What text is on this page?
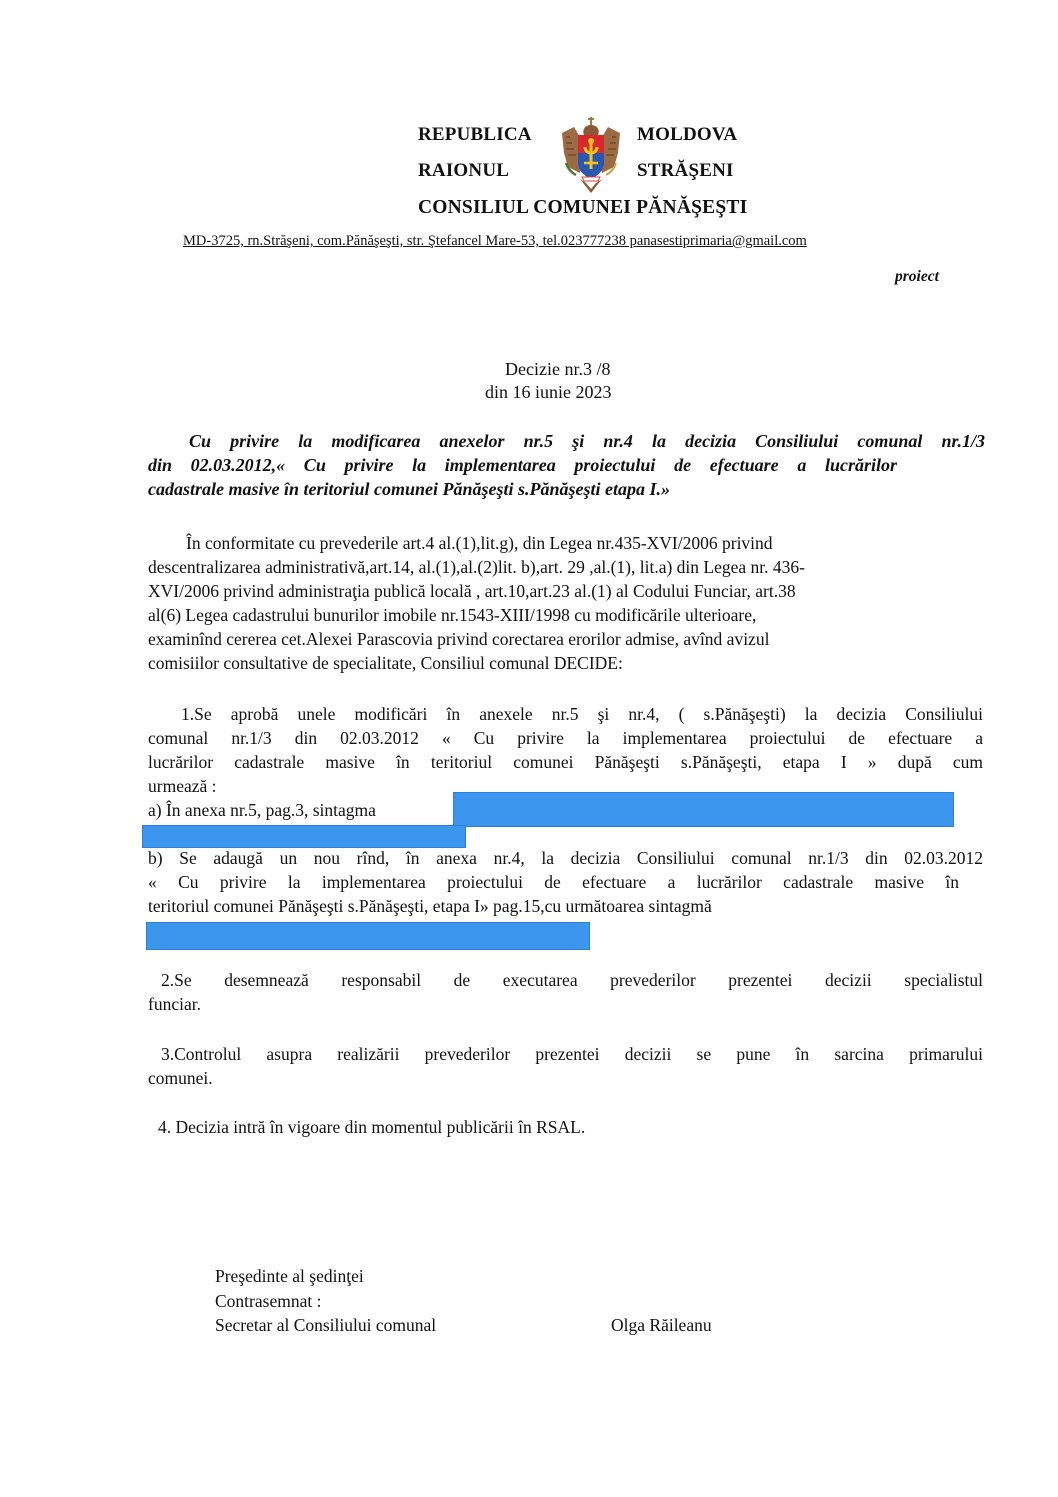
REPUBLICA	MOLDOVA
RAIONUL	STRĂŞENI
CONSILIUL COMUNEI PĂNĂŞEŞTI
MD-3725, rn.Străşeni, com.Pănăşeşti, str. Ştefancel Mare-53, tel.023777238 panasestiprimaria@gmail.com
proiect
Decizie nr.3 /8
din 16 iunie 2023
Cu privire la modificarea anexelor nr.5 şi nr.4 la decizia Consiliului comunal nr.1/3
din 02.03.2012,« Cu privire la implementarea proiectului de efectuare a lucrărilor
cadastrale masive în teritoriul comunei Pănăşeşti s.Pănăşeşti etapa I.»
În conformitate cu prevederile art.4 al.(1),lit.g), din Legea nr.435-XVI/2006 privind
descentralizarea administrativă,art.14, al.(1),al.(2)lit. b),art. 29 ,al.(1), lit.a) din Legea nr. 436-
XVI/2006 privind administraţia publică locală , art.10,art.23 al.(1) al Codului Funciar, art.38
al(6) Legea cadastrului bunurilor imobile nr.1543-XIII/1998 cu modificările ulterioare,
examinînd cererea cet.Alexei Parascovia privind corectarea erorilor admise, avînd avizul
comisiilor consultative de specialitate, Consiliul comunal DECIDE:
1.Se aprobă unele modificări în anexele nr.5 şi nr.4, ( s.Pănăşeşti) la decizia Consiliului
comunal nr.1/3 din 02.03.2012 « Cu privire la implementarea proiectului de efectuare a
lucrărilor cadastrale masive în teritoriul comunei Pănăşeşti s.Pănăşeşti, etapa I » după cum
urmează :
a) În anexa nr.5, pag.3, sintagma
b) Se adaugă un nou rînd, în anexa nr.4, la decizia Consiliului comunal nr.1/3 din 02.03.2012
« Cu privire la implementarea proiectului de efectuare a lucrărilor cadastrale masive în
teritoriul comunei Pănăşeşti s.Pănăşeşti, etapa I» pag.15,cu următoarea sintagmă
2.Se desemnează responsabil de executarea prevederilor prezentei decizii specialistul
funciar.
3.Controlul asupra realizării prevederilor prezentei decizii se pune în sarcina primarului
comunei.
4. Decizia intră în vigoare din momentul publicării în RSAL.
Preşedinte al şedinţei
Contrasemnat :
Secretar al Consiliului comunal	Olga Răileanu
